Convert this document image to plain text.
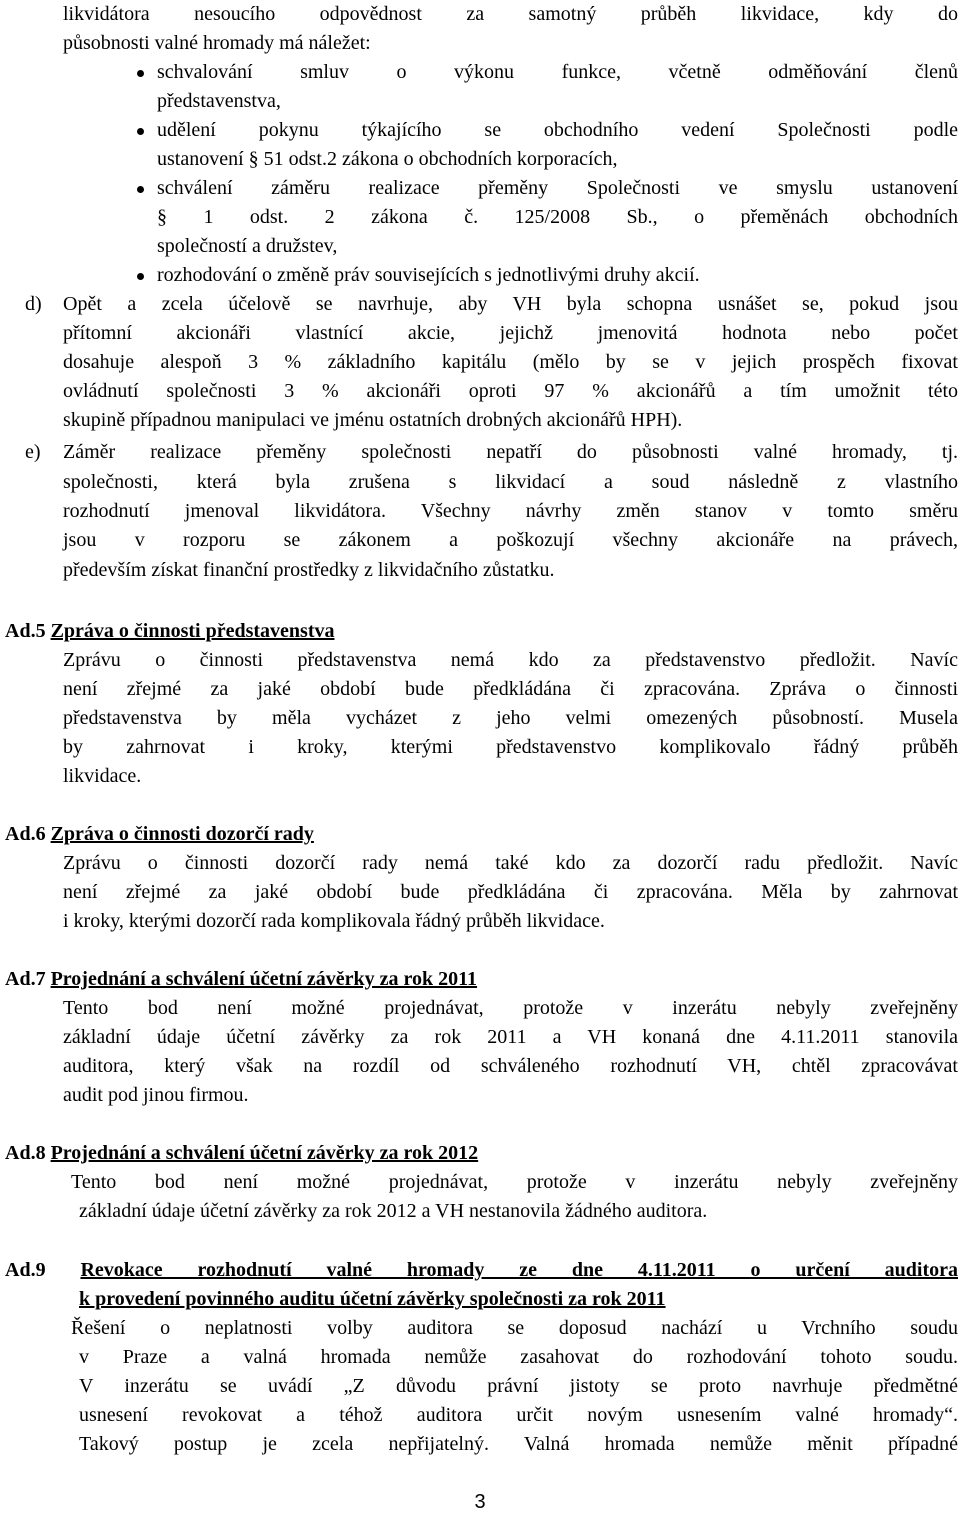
likvidátora nesoucího odpovědnost za samotný průběh likvidace, kdy do
působnosti valné hromady má náležet:
schvalování smluv o výkonu funkce, včetně odměňování členů
představenstva,
udělení pokynu týkajícího se obchodního vedení Společnosti podle
ustanovení § 51 odst.2 zákona o obchodních korporacích,
schválení záměru realizace přeměny Společnosti ve smyslu ustanovení
§ 1 odst. 2 zákona č. 125/2008 Sb., o přeměnách obchodních
společností a družstev,
rozhodování o změně práv souvisejících s jednotlivými druhy akcií.
d) Opět a zcela účelově se navrhuje, aby VH byla schopna usnášet se, pokud jsou
přítomní akcionáři vlastnící akcie, jejichž jmenovitá hodnota nebo počet
dosahuje alespoň 3 % základního kapitálu (mělo by se v jejich prospěch fixovat
ovládnutí společnosti 3 % akcionáři oproti 97 % akcionářů a tím umožnit této
skupině případnou manipulaci ve jménu ostatních drobných akcionářů HPH).
e) Záměr realizace přeměny společnosti nepatří do působnosti valné hromady, tj.
společnosti, která byla zrušena s likvidací a soud následně z vlastního
rozhodnutí jmenoval likvidátora. Všechny návrhy změn stanov v tomto směru
jsou v rozporu se zákonem a poškozují všechny akcionáře na právech,
především získat finanční prostředky z likvidačního zůstatku.
Ad.5 Zpráva o činnosti představenstva
Zprávu o činnosti představenstva nemá kdo za představenstvo předložit. Navíc
není zřejmé za jaké období bude předkládána či zpracována. Zpráva o činnosti
představenstva by měla vycházet z jeho velmi omezených působností. Musela
by zahrnovat i kroky, kterými představenstvo komplikovalo řádný průběh
likvidace.
Ad.6 Zpráva o činnosti dozorčí rady
Zprávu o činnosti dozorčí rady nemá také kdo za dozorčí radu předložit. Navíc
není zřejmé za jaké období bude předkládána či zpracována. Měla by zahrnovat
i kroky, kterými dozorčí rada komplikovala řádný průběh likvidace.
Ad.7 Projednání a schválení účetní závěrky za rok 2011
Tento bod není možné projednávat, protože v inzerátu nebyly zveřejněny
základní údaje účetní závěrky za rok 2011 a VH konaná dne 4.11.2011 stanovila
auditora, který však na rozdíl od schváleného rozhodnutí VH, chtěl zpracovávat
audit pod jinou firmou.
Ad.8 Projednání a schválení účetní závěrky za rok 2012
Tento bod není možné projednávat, protože v inzerátu nebyly zveřejněny
základní údaje účetní závěrky za rok 2012 a VH nestanovila žádného auditora.
Ad.9 Revokace rozhodnutí valné hromady ze dne 4.11.2011 o určení auditora
k provedení povinného auditu účetní závěrky společnosti za rok 2011
Řešení o neplatnosti volby auditora se doposud nachází u Vrchního soudu
v Praze a valná hromada nemůže zasahovat do rozhodování tohoto soudu.
V inzerátu se uvádí „Z důvodu právní jistoty se proto navrhuje předmětné
usnesení revokovat a téhož auditora určit novým usnesením valné hromady“.
Takový postup je zcela nepřijatelný. Valná hromada nemůže měnit případné
3
